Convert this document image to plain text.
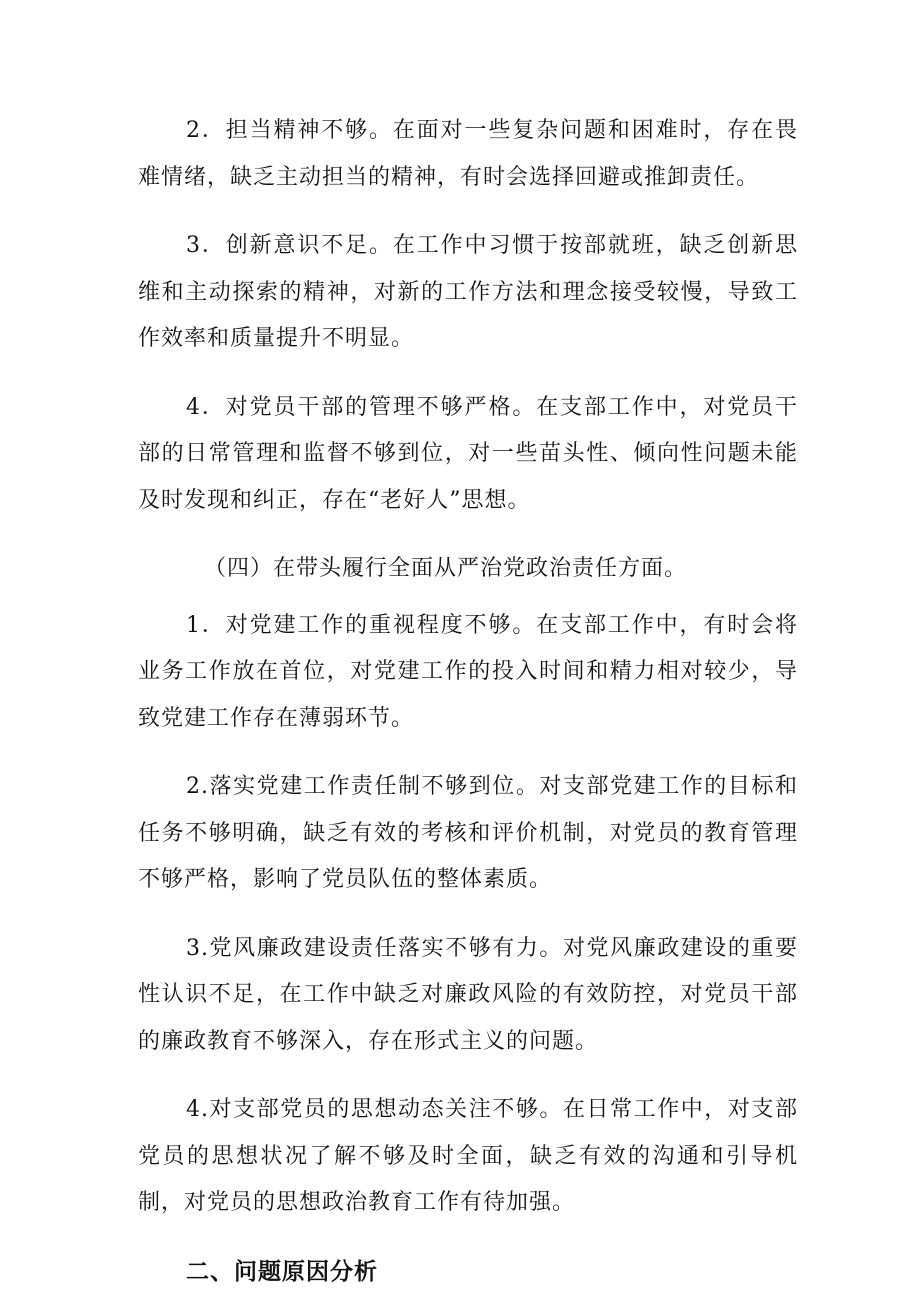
2．担当精神不够。在面对一些复杂问题和困难时，存在畏难情绪，缺乏主动担当的精神，有时会选择回避或推卸责任。

3．创新意识不足。在工作中习惯于按部就班，缺乏创新思维和主动探索的精神，对新的工作方法和理念接受较慢，导致工作效率和质量提升不明显。

4．对党员干部的管理不够严格。在支部工作中，对党员干部的日常管理和监督不够到位，对一些苗头性、倾向性问题未能及时发现和纠正，存在“老好人”思想。

（四）在带头履行全面从严治党政治责任方面。

1．对党建工作的重视程度不够。在支部工作中，有时会将业务工作放在首位，对党建工作的投入时间和精力相对较少，导致党建工作存在薄弱环节。

2.落实党建工作责任制不够到位。对支部党建工作的目标和任务不够明确，缺乏有效的考核和评价机制，对党员的教育管理不够严格，影响了党员队伍的整体素质。

3.党风廉政建设责任落实不够有力。对党风廉政建设的重要性认识不足，在工作中缺乏对廉政风险的有效防控，对党员干部的廉政教育不够深入，存在形式主义的问题。

4.对支部党员的思想动态关注不够。在日常工作中，对支部党员的思想状况了解不够及时全面，缺乏有效的沟通和引导机制，对党员的思想政治教育工作有待加强。

二、问题原因分析
